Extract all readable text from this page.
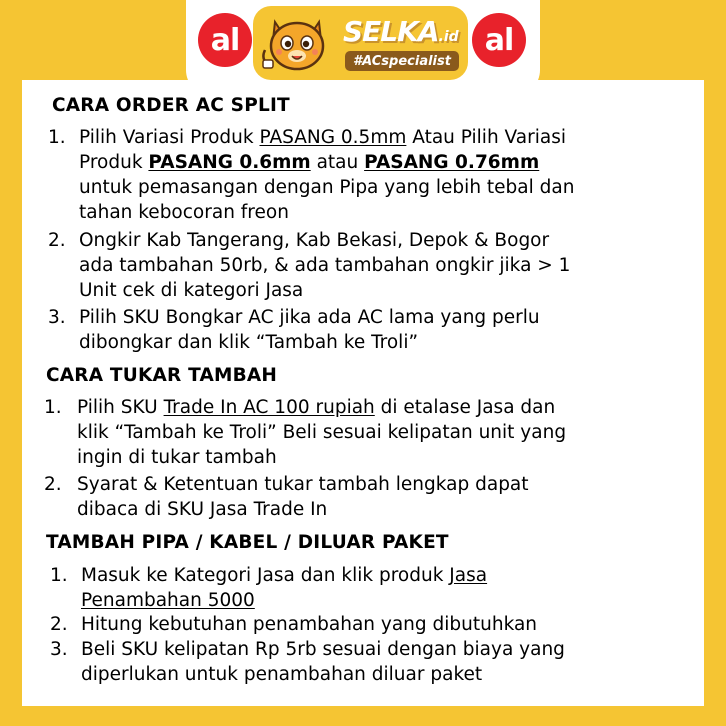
al	SELKA.id
#ACspecialist
al
CARA ORDER AC SPLIT
1. Pilih Variasi Produk PASANG 0.5mm Atau Pilih Variasi
Produk PASANG 0.6mm atau PASANG 0.76mm
untuk pemasangan dengan Pipa yang lebih tebal dan
tahan kebocoran freon
2. Ongkir Kab Tangerang, Kab Bekasi, Depok & Bogor
ada tambahan 50rb, & ada tambahan ongkir jika > 1
Unit cek di kategori Jasa
3. Pilih SKU Bongkar AC jika ada AC lama yang perlu
dibongkar dan klik “Tambah ke Troli”
CARA TUKAR TAMBAH
1. Pilih SKU Trade In AC 100 rupiah di etalase Jasa dan
klik “Tambah ke Troli” Beli sesuai kelipatan unit yang
ingin di tukar tambah
2. Syarat & Ketentuan tukar tambah lengkap dapat
dibaca di SKU Jasa Trade In
TAMBAH PIPA / KABEL / DILUAR PAKET
1. Masuk ke Kategori Jasa dan klik produk Jasa
Penambahan 5000
2. Hitung kebutuhan penambahan yang dibutuhkan
3. Beli SKU kelipatan Rp 5rb sesuai dengan biaya yang
diperlukan untuk penambahan diluar paket
